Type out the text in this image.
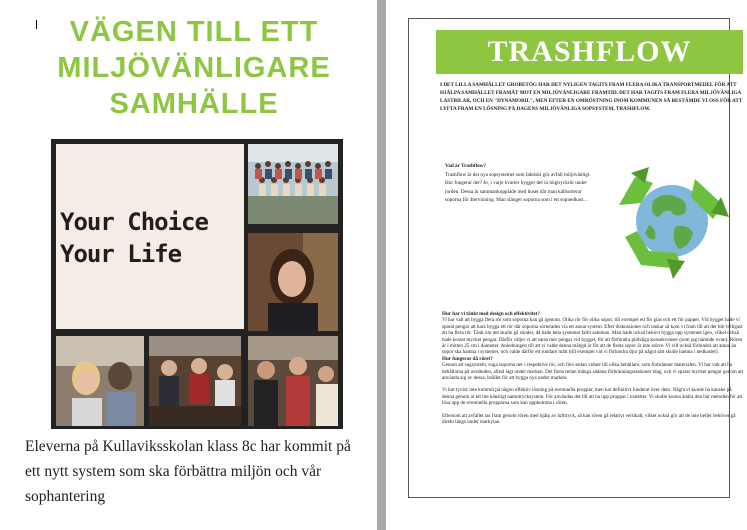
VÄGEN TILL ETT
MILJÖVÄNLIGARE
SAMHÄLLE
Your Choice
Your Life
Eleverna på Kullaviksskolan klass 8c har kommit på ett nytt system som ska förbättra miljön och vår sophantering
TRASHFLOW
I DET LILLA SAMHÄLLET GROBETÖG HAR DET NYLIGEN TAGITS FRAM FLERA OLIKA TRANSPORTMEDEL FÖR ATT HJÄLPA SAMHÄLLET FRAMÅT MOT EN MILJÖVÄNLIGARE FRAMTID. DET HAR TAGITS FRAM FLERA MILJÖVÄNLIGA LASTBILAR, OCH EN "DYNAMOBIL", MEN EFTER EN OMRÖSTNING INOM KOMMUNEN SÅ BESTÄMDE VI OSS FÖR ATT LYFTA FRAM EN LÖSNING PÅ DAGENS MILJÖVÄNLIGA SOPSYSTEM, TRASHFLOW.
Vad är Trashflow?
Trashflow är det nya sopsystemet som faktiskt gör avfall miljövänligt. Hur fungerar det? Jo, i varje kvarter bygger det in högtryckrör under jorden. Dessa är sammankopplade med huset där man källsorterar soporna för återvinning. Man slänger soporna som i ett sopnedkast…

Hur har vi tänkt med design och effektivitet?
Vi har valt att bygga flera rör som soporna kan gå igenom. Olika rör för olika sopor, till exempel ett för glas och ett för papper. Vid bygget hade vi sparat pengar att bara bygga ett rör där soporna sorterades via ett annat system. Efter diskussioner och tankar så kom vi fram till att det blir billigast att ha flera rör. Tänk om det skulle gå sönder, då hade hela systemet fallit samman. Man hade också behövt bygga upp systemet igen, vilket också hade kostat mycket pengar. Därför väljer vi att satsa mer pengar vid bygget, för att förhindra plötsliga konsekvenser (som jag nämnde ovan). Rören är i mitten 25 cm i diameter. Anledningen till att vi valde denna mängd är för att de flesta sopor är inte större. Vi vill också förhindra att annat än sopor ska hamna i systemet, och valde därför ett rundare mått (till exempel vid vi förhindra djur på något sätt skulle hamna i nedkastet).
Hur fungerar då röret?
Genom att sugsystem, suga soporna ner i respektive rör, och förs sedan vidare till olika behållare, som förbränner materialen. Vi har valt att ha behållarna på avstånden, alltså lagt under marken. Det finns redan många sådana förbränningsstationer idag, och vi sparar mycket pengar genom att använda sig av dessa, istället för att bygga nya under marken.

Vi har tyvärr inte kommit på någon effektiv lösning på eventuella proppar, men har definitivt funderat över dem. Några vi kunde ha kanske på denna genom är ett lite känsligt namntrycksystem. För användas det till att ha upp proppar i toaletter. Vi skulle kunna ändra den här metoden för att lösa upp de eventuella propparna som kan uppkomma i rören.

Eftersom att avfallet tas fram genom rören med hjälp av lufttryck, så kan rören gå relativt vertikalt, vilket också gör att de inte heller behöver gå direkt längs under markytan.
